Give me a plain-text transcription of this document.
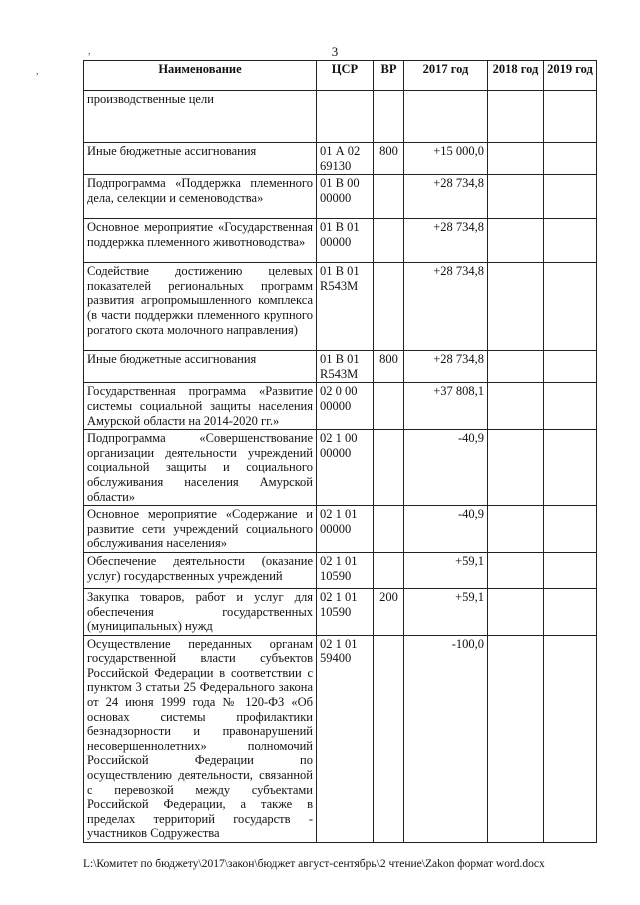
,
,	3
Наименование	ЦСР	ВР	2017 год	2018 год	2019 год
производственные цели					
Иные бюджетные ассигнования	01 А 02 69130	800	+15 000,0		
Подпрограмма «Поддержка племенного дела, селекции и семеноводства»	01 В 00 00000		+28 734,8		
Основное мероприятие «Государственная поддержка племенного животноводства»	01 В 01 00000		+28 734,8		
Содействие достижению целевых показателей региональных программ развития агропромышленного комплекса (в части поддержки племенного крупного рогатого скота молочного направления)	01 В 01 R543M		+28 734,8		
Иные бюджетные ассигнования	01 В 01 R543M	800	+28 734,8		
Государственная программа «Развитие системы социальной защиты населения Амурской области на 2014-2020 гг.»	02 0 00 00000		+37 808,1		
Подпрограмма «Совершенствование организации деятельности учреждений социальной защиты и социального обслуживания населения Амурской области»	02 1 00 00000		-40,9		
Основное мероприятие «Содержание и развитие сети учреждений социального обслуживания населения»	02 1 01 00000		-40,9		
Обеспечение деятельности (оказание услуг) государственных учреждений	02 1 01 10590		+59,1		
Закупка товаров, работ и услуг для обеспечения государственных (муниципальных) нужд	02 1 01 10590	200	+59,1		
Осуществление переданных органам государственной власти субъектов Российской Федерации в соответствии с пунктом 3 статьи 25 Федерального закона от 24 июня 1999 года № 120-ФЗ «Об основах системы профилактики безнадзорности и правонарушений несовершеннолетних» полномочий Российской Федерации по осуществлению деятельности, связанной с перевозкой между субъектами Российской Федерации, а также в пределах территорий государств - участников Содружества	02 1 01 59400		-100,0		
L:\Комитет по бюджету\2017\закон\бюджет август-сентябрь\2 чтение\Zakon формат word.docx
